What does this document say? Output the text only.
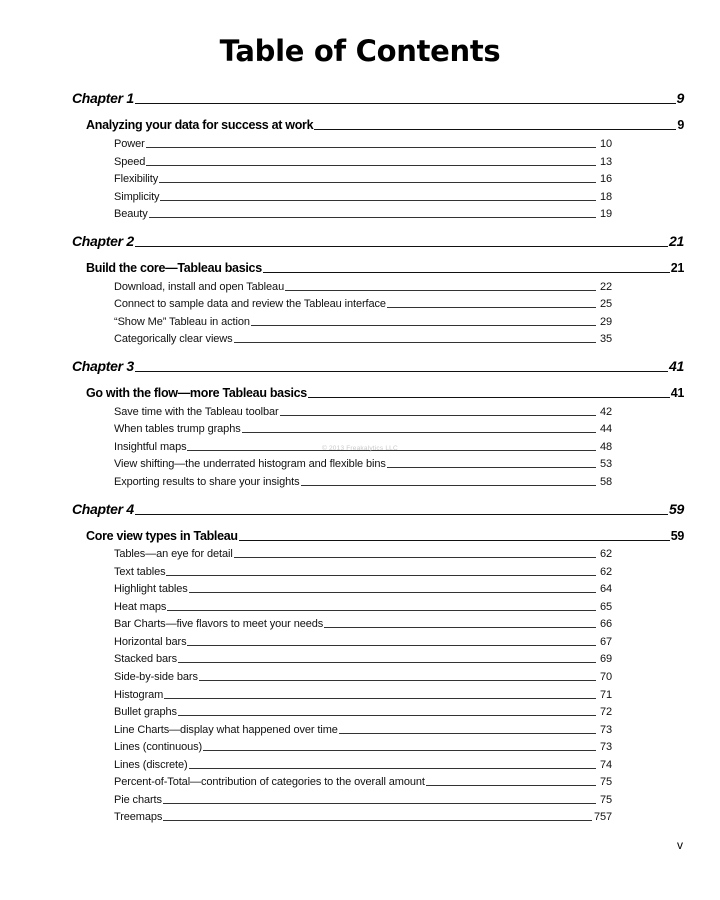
Table of Contents
Chapter 1	9
Analyzing your data for success at work	9
Power	10
Speed	13
Flexibility	16
Simplicity	18
Beauty	19
Chapter 2	21
Build the core—Tableau basics	21
Download, install and open Tableau	22
Connect to sample data and review the Tableau interface	25
“Show Me” Tableau in action	29
Categorically clear views	35
Chapter 3	41
Go with the flow—more Tableau basics	41
Save time with the Tableau toolbar	42
When tables trump graphs	44
Insightful maps	48
View shifting—the underrated histogram and flexible bins	53
Exporting results to share your insights	58
Chapter 4	59
Core view types in Tableau	59
Tables—an eye for detail	62
Text tables	62
Highlight tables	64
Heat maps	65
Bar Charts—five flavors to meet your needs	66
Horizontal bars	67
Stacked bars	69
Side-by-side bars	70
Histogram	71
Bullet graphs	72
Line Charts—display what happened over time	73
Lines (continuous)	73
Lines (discrete)	74
Percent-of-Total—contribution of categories to the overall amount	75
Pie charts	75
Treemaps	757
© 2013 Freakalytics LLC
v
